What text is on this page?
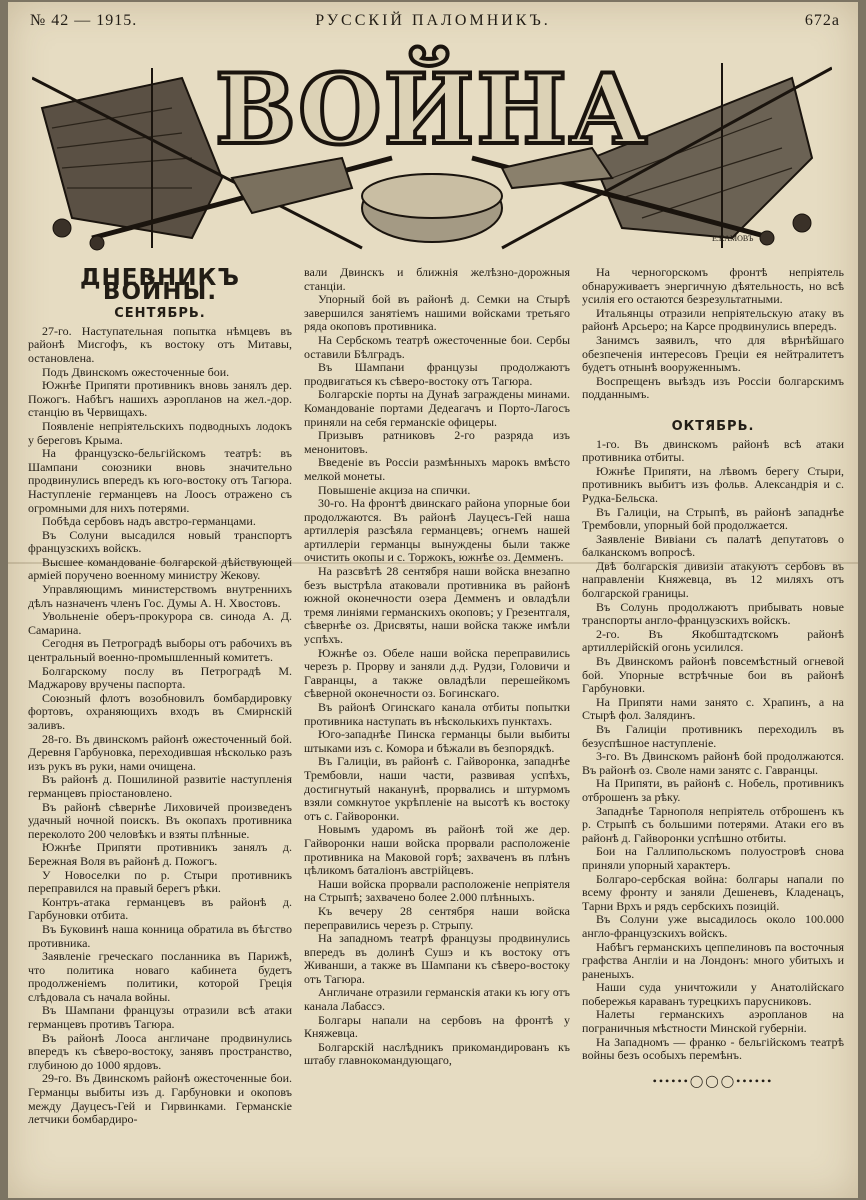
№ 42 — 1915.	РУССКІЙ ПАЛОМНИКЪ.	672а
ВОЙНА
Е.КАМОВЪ
ДНЕВНИКЪ ВОЙНЫ.
СЕНТЯБРЬ.

27-го. Наступательная попытка нѣмцевъ въ районѣ Мисгофъ, къ востоку отъ Митавы, остановлена.

Подъ Двинскомъ ожесточенные бои.

Южнѣе Припяти противникъ вновь занялъ дер. Пожогъ. Набѣгъ нашихъ аэропланов на жел.-дор. станцію въ Червищахъ.

Появленіе непріятельскихъ подводныхъ лодокъ у береговъ Крыма.

На французско-бельгійскомъ театрѣ: въ Шампани союзники вновь значительно продвинулись впередъ къ юго-востоку отъ Тагюра. Наступленіе германцевъ на Лоосъ отражено съ огромными для нихъ потерями.

Побѣда сербовъ надъ австро-германцами.

Въ Солуни высадился новый транспортъ французскихъ войскъ.

Высшее командованіе болгарской дѣйствующей арміей поручено военному министру Жекову.

Управляющимъ министерствомъ внутреннихъ дѣлъ назначенъ членъ Гос. Думы А. Н. Хвостовъ.

Увольненіе оберъ-прокурора св. синода А. Д. Самарина.

Сегодня въ Петроградѣ выборы отъ рабочихъ въ центральный военно-промышленный комитетъ.

Болгарскому послу въ Петроградѣ М. Маджарову вручены паспорта.

Союзный флотъ возобновилъ бомбардировку фортовъ, охраняющихъ входъ въ Смирнскій заливъ.

28-го. Въ двинскомъ районѣ ожесточенный бой. Деревня Гарбуновка, переходившая нѣсколько разъ изъ рукъ въ руки, нами очищена.

Въ районѣ д. Пошилиной развитіе наступленія германцевъ пріостановлено.

Въ районѣ сѣвернѣе Лиховичей произведенъ удачный ночной поискъ. Въ окопахъ противника переколото 200 человѣкъ и взяты плѣнные.

Южнѣе Припяти противникъ занялъ д. Бережная Воля въ районѣ д. Пожогъ.

У Новоселки по р. Стыри противникъ переправился на правый берегъ рѣки.

Контръ-атака германцевъ въ районѣ д. Гарбуновки отбита.

Въ Буковинѣ наша конница обратила въ бѣгство противника.

Заявленіе греческаго посланника въ Парижѣ, что политика новаго кабинета будетъ продолженіемъ политики, которой Греція слѣдовала съ начала войны.

Въ Шампани французы отразили всѣ атаки германцевъ противъ Тагюра.

Въ районѣ Лооса англичане продвинулись впередъ къ сѣверо-востоку, занявъ пространство, глубиною до 1000 ярдовъ.

29-го. Въ Двинскомъ районѣ ожесточенные бои. Германцы выбиты изъ д. Гарбуновки и окоповъ между Дауцесъ-Гей и Гирвинками. Германскіе летчики бомбардиро-

вали Двинскъ и ближнія желѣзно-дорожныя станціи.

Упорный бой въ районѣ д. Семки на Стырѣ завершился занятіемъ нашими войсками третьяго ряда окоповъ противника.

На Сербскомъ театрѣ ожесточенные бои. Сербы оставили Бѣлградъ.

Въ Шампани французы продолжаютъ продвигаться къ сѣверо-востоку отъ Тагюра.

Болгарскіе порты на Дунаѣ заграждены минами. Командованіе портами Дедеагачъ и Порто-Лагосъ приняли на себя германскіе офицеры.

Призывъ ратниковъ 2-го разряда изъ менонитовъ.

Введеніе въ Россіи размѣнныхъ марокъ вмѣсто мелкой монеты.

Повышеніе акциза на спички.

30-го. На фронтѣ двинскаго района упорные бои продолжаются. Въ районѣ Лауцесъ-Гей наша артиллерія разсѣяла германцевъ; огнемъ нашей артиллеріи германцы вынуждены были также очистить окопы и с. Торжокъ, южнѣе оз. Демменъ.

На разсвѣтѣ 28 сентября наши войска внезапно безъ выстрѣла атаковали противника въ районѣ южной оконечности озера Демменъ и овладѣли тремя линіями германскихъ окоповъ; у Грезентгаля, сѣвернѣе оз. Дрисвяты, наши войска также имѣли успѣхъ.

Южнѣе оз. Обеле наши войска переправились черезъ р. Прорву и заняли д.д. Рудзи, Головичи и Гавранцы, а также овладѣли перешейкомъ сѣверной оконечности оз. Богинскаго.

Въ районѣ Огинскаго канала отбиты попытки противника наступать въ нѣсколькихъ пунктахъ.

Юго-западнѣе Пинска германцы были выбиты штыками изъ с. Комора и бѣжали въ безпорядкѣ.

Въ Галиціи, въ районѣ с. Гайворонка, западнѣе Трембовли, наши части, развивая успѣхъ, достигнутый наканунѣ, прорвались и штурмомъ взяли сомкнутое укрѣпленіе на высотѣ къ востоку отъ с. Гайворонки.

Новымъ ударомъ въ районѣ той же дер. Гайворонки наши войска прорвали расположеніе противника на Маковой горѣ; захваченъ въ плѣнъ цѣликомъ баталіонъ австрійцевъ.

Наши войска прорвали расположеніе непріятеля на Стрыпѣ; захвачено более 2.000 плѣнныхъ.

Къ вечеру 28 сентября наши войска переправились черезъ р. Стрыпу.

На западномъ театрѣ французы продвинулись впередъ въ долинѣ Сушэ и къ востоку отъ Живанши, а также въ Шампани къ сѣверо-востоку отъ Тагюра.

Англичане отразили германскія атаки къ югу отъ канала Лабассэ.

Болгары напали на сербовъ на фронтѣ у Княжевца.

Болгарскій наслѣдникъ прикомандированъ къ штабу главнокомандующаго,

На черногорскомъ фронтѣ непріятель обнаруживаетъ энергичную дѣятельность, но всѣ усилія его остаются безрезультатными.

Итальянцы отразили непріятельскую атаку въ районѣ Арсьеро; на Карсе продвинулись впередъ.

Занимсъ заявилъ, что для вѣрнѣйшаго обезпеченія интересовъ Греціи ея нейтралитетъ будетъ отнынѣ вооруженнымъ.

Воспрещенъ выѣздъ изъ Россіи болгарскимъ подданнымъ.

ОКТЯБРЬ.

1-го. Въ двинскомъ районѣ всѣ атаки противника отбиты.

Южнѣе Припяти, на лѣвомъ берегу Стыри, противникъ выбитъ изъ фольв. Александрія и с. Рудка-Бельска.

Въ Галиціи, на Стрыпѣ, въ районѣ западнѣе Трембовли, упорный бой продолжается.

Заявленіе Вивіани съ палатѣ депутатовъ о балканскомъ вопросѣ.

Двѣ болгарскія дивизіи атакуютъ сербовъ въ направленіи Княжевца, въ 12 миляхъ отъ болгарской границы.

Въ Солунь продолжаютъ прибывать новые транспорты англо-французскихъ войскъ.

2-го. Въ Якобштадтскомъ районѣ артиллерійскій огонь усилился.

Въ Двинскомъ районѣ повсемѣстный огневой бой. Упорные встрѣчные бои въ районѣ Гарбуновки.

На Припяти нами занято с. Храпинъ, а на Стырѣ фол. Залядинъ.

Въ Галиціи противникъ переходилъ въ безуспѣшное наступленіе.

3-го. Въ Двинскомъ районѣ бой продолжаются. Въ районѣ оз. Сволe нами занятс с. Гавранцы.

На Припяти, въ районѣ с. Нобель, противникъ отброшенъ за рѣку.

Западнѣе Тарнополя непріятель отброшенъ къ р. Стрыпѣ съ большими потерями. Атаки его въ районѣ д. Гайворонки успѣшно отбиты.

Бои на Галлипольскомъ полуостровѣ снова приняли упорный характеръ.

Болгаро-сербская война: болгары напали по всему фронту и заняли Дешеневъ, Кладенацъ, Тарни Врхъ и рядъ сербскихъ позицій.

Въ Солуни уже высадилось около 100.000 англо-французскихъ войскъ.

Набѣгъ германскихъ цеппелиновъ па восточныя графства Англіи и на Лондонъ: много убитыхъ и раненыхъ.

Наши суда уничтожили у Анатолійскаго побережья караванъ турецкихъ парусниковъ.

Налеты германскихъ аэропланов на пограничныя мѣстности Минской губерніи.

На Западномъ — франко - бельгійскомъ театрѣ войны безъ особыхъ перемѣнъ.

••••••◯◯◯••••••
